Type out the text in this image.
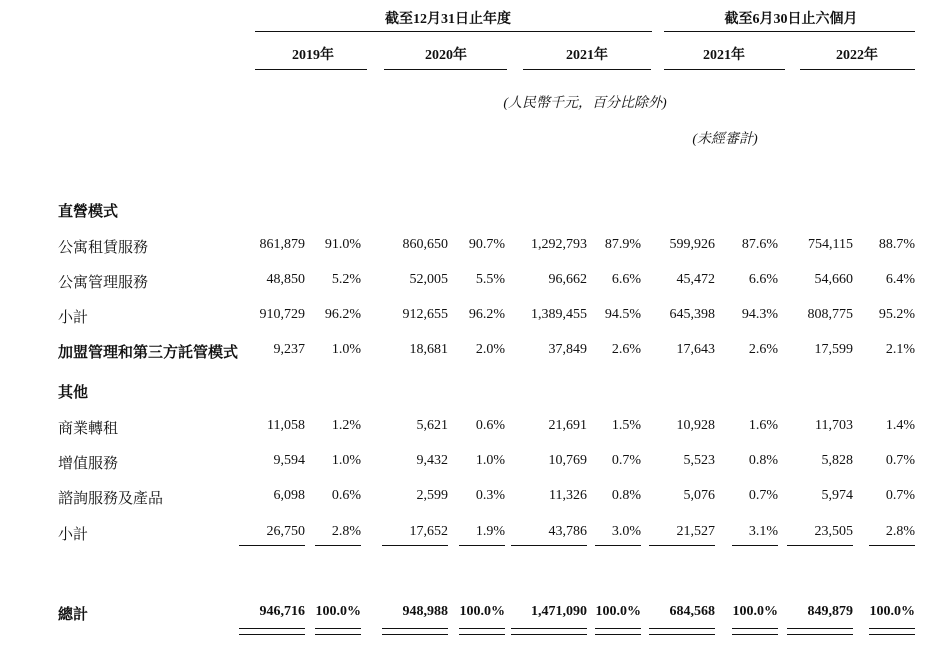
截至12月31日止年度	截至6月30日止六個月
2019年	2020年	2021年	2021年	2022年
(人民幣千元，百分比除外)
(未經審計)
直營模式
公寓租賃服務	861,879	91.0%	860,650	90.7%	1,292,793	87.9%	599,926	87.6%	754,115	88.7%
公寓管理服務	48,850	5.2%	52,005	5.5%	96,662	6.6%	45,472	6.6%	54,660	6.4%
小計	910,729	96.2%	912,655	96.2%	1,389,455	94.5%	645,398	94.3%	808,775	95.2%
加盟管理和第三方託管模式	9,237	1.0%	18,681	2.0%	37,849	2.6%	17,643	2.6%	17,599	2.1%
其他
商業轉租	11,058	1.2%	5,621	0.6%	21,691	1.5%	10,928	1.6%	11,703	1.4%
增值服務	9,594	1.0%	9,432	1.0%	10,769	0.7%	5,523	0.8%	5,828	0.7%
諮詢服務及產品	6,098	0.6%	2,599	0.3%	11,326	0.8%	5,076	0.7%	5,974	0.7%
小計	26,750	2.8%	17,652	1.9%	43,786	3.0%	21,527	3.1%	23,505	2.8%
總計	946,716 100.0%	948,988 100.0%	1,471,090 100.0%	684,568	100.0%	849,879	100.0%
